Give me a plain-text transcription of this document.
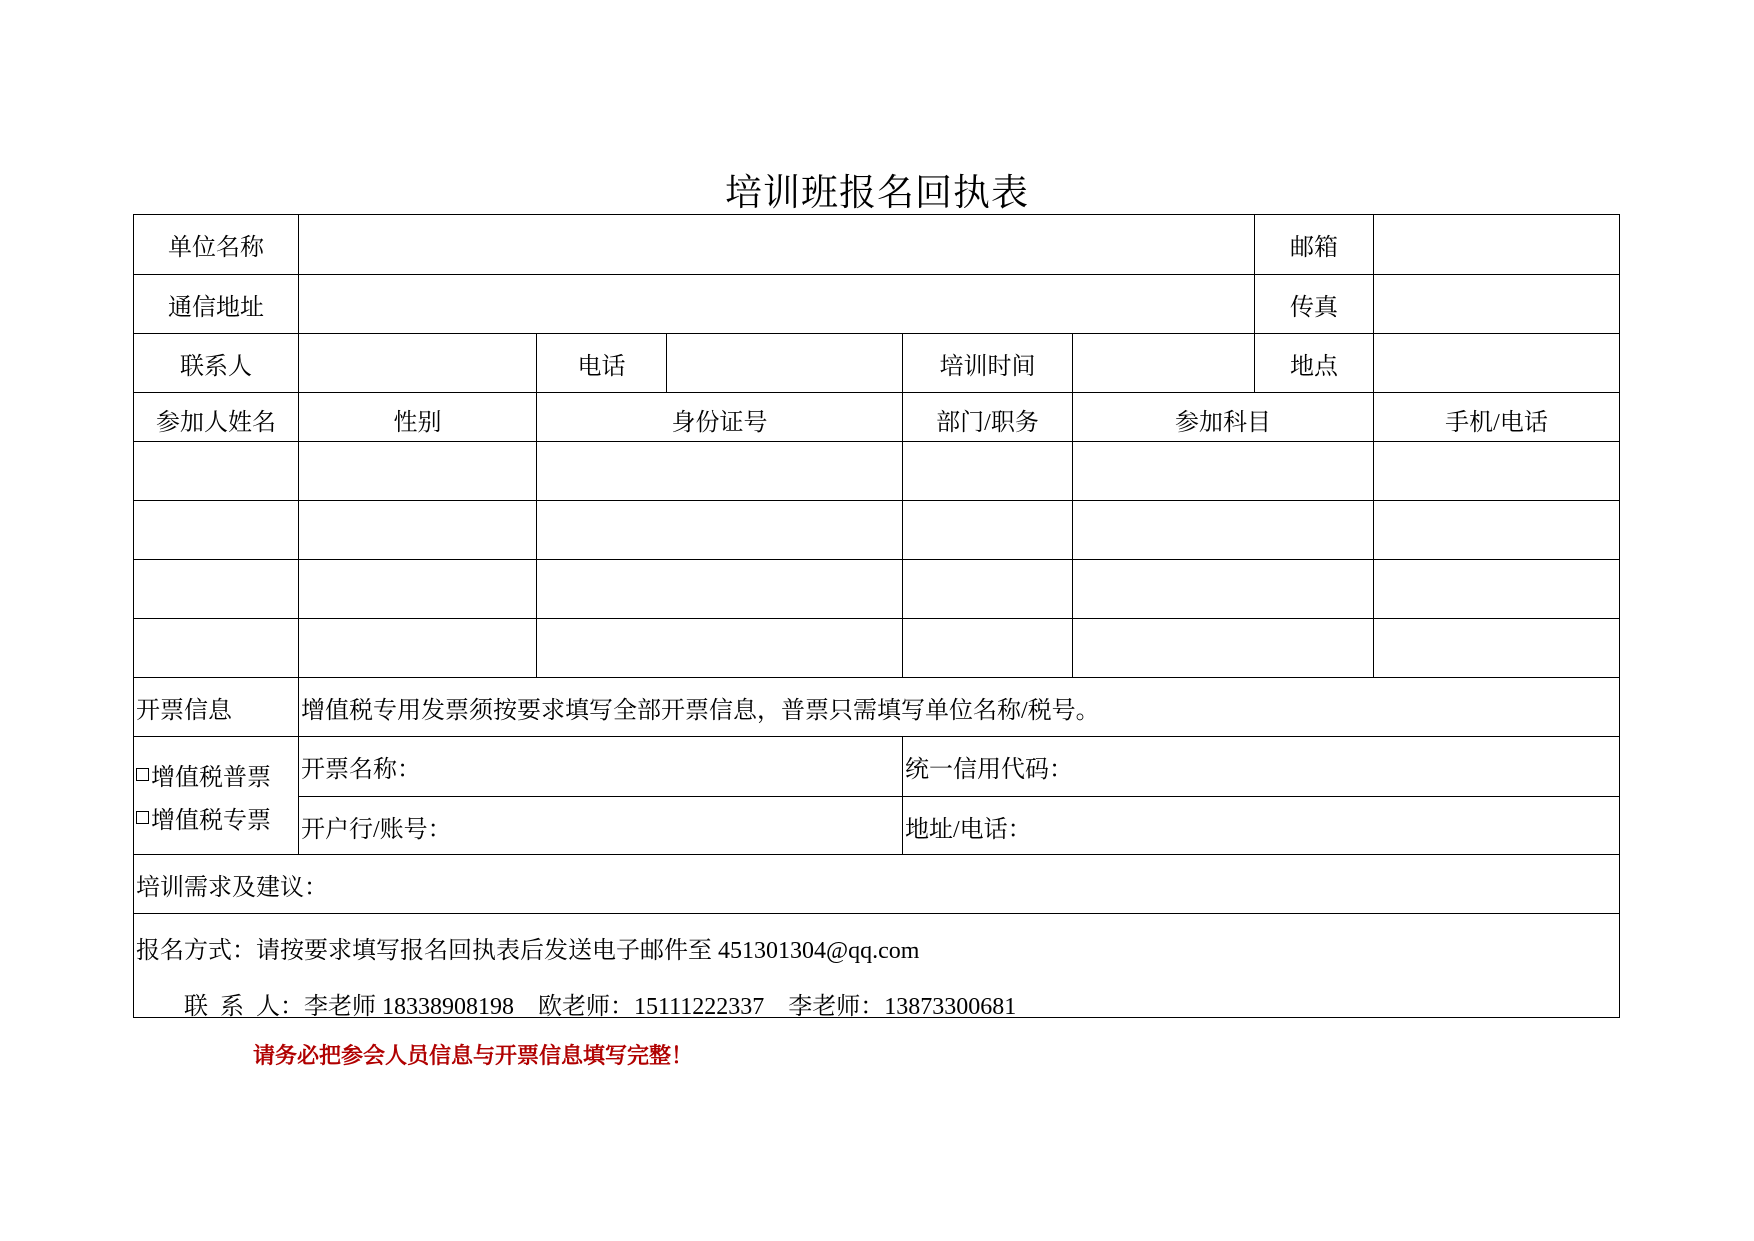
培训班报名回执表
单位名称	邮箱
通信地址	传真
联系人	电话	培训时间	地点
参加人姓名	性别	身份证号	部门/职务	参加科目	手机/电话
开票信息	增值税专用发票须按要求填写全部开票信息，普票只需填写单位名称/税号。
增值税普票
增值税专票
开票名称：	统一信用代码：
开户行/账号：	地址/电话：
培训需求及建议：
报名方式：请按要求填写报名回执表后发送电子邮件至 451301304@qq.com
联  系  人：李老师 18338908198    欧老师：15111222337    李老师：13873300681
请务必把参会人员信息与开票信息填写完整！
